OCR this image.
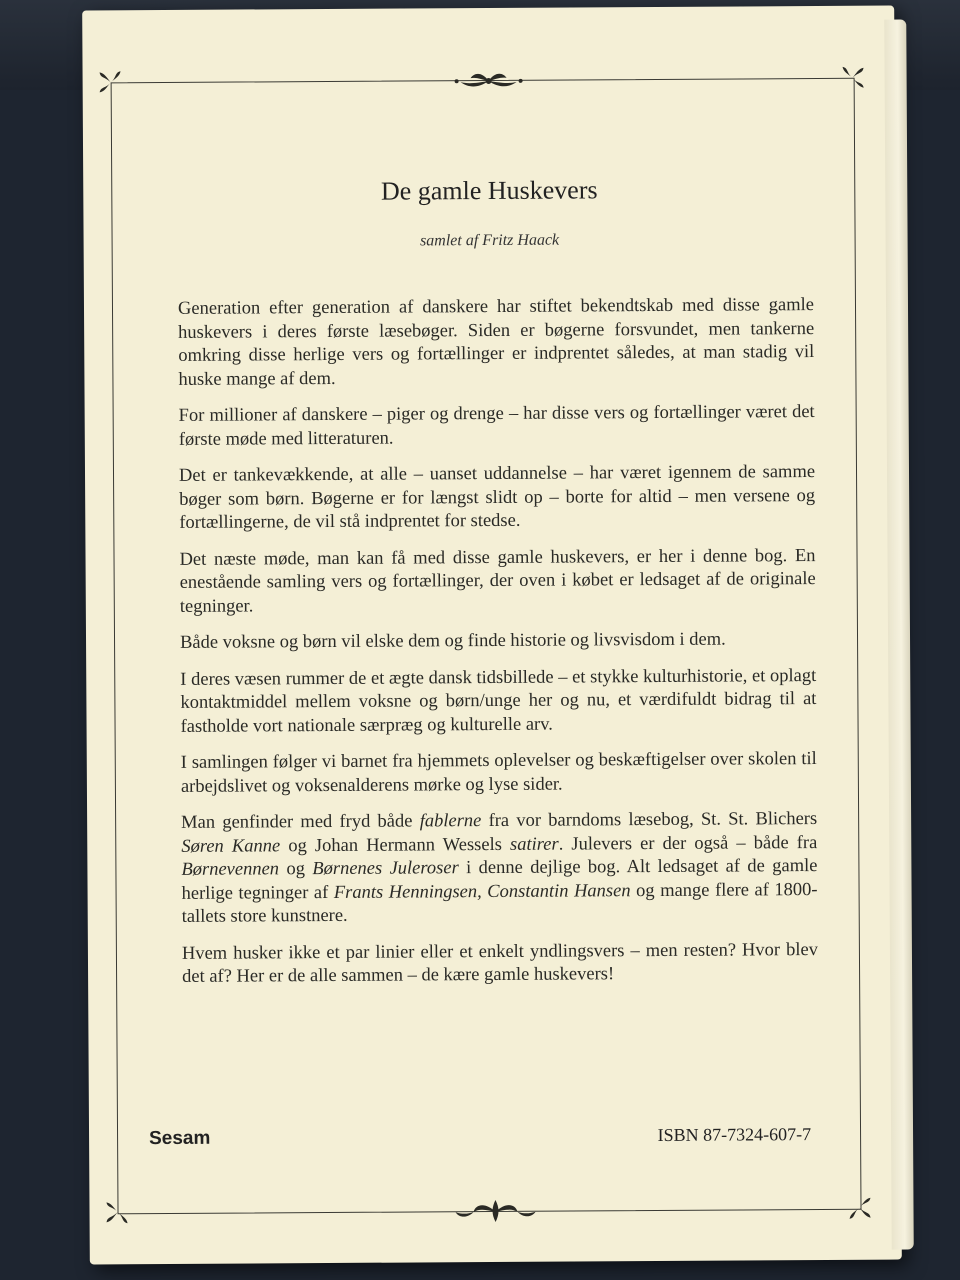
De gamle Huskevers
samlet af Fritz Haack

Generation efter generation af danskere har stiftet bekendtskab med disse gamle huskevers i deres første læsebøger. Siden er bøgerne forsvundet, men tankerne omkring disse herlige vers og fortællinger er indprentet således, at man stadig vil huske mange af dem.

For millioner af danskere – piger og drenge – har disse vers og fortællinger været det første møde med litteraturen.

Det er tankevækkende, at alle – uanset uddannelse – har været igennem de samme bøger som børn. Bøgerne er for længst slidt op – borte for altid – men versene og fortællingerne, de vil stå indprentet for stedse.

Det næste møde, man kan få med disse gamle huskevers, er her i denne bog. En enestående samling vers og fortællinger, der oven i købet er ledsaget af de originale tegninger.

Både voksne og børn vil elske dem og finde historie og livsvisdom i dem.

I deres væsen rummer de et ægte dansk tidsbillede – et stykke kulturhistorie, et oplagt kontaktmiddel mellem voksne og børn/unge her og nu, et værdifuldt bidrag til at fastholde vort nationale særpræg og kulturelle arv.

I samlingen følger vi barnet fra hjemmets oplevelser og beskæftigelser over skolen til arbejdslivet og voksenalderens mørke og lyse sider.

Man genfinder med fryd både fablerne fra vor barndoms læsebog, St. St. Blichers Søren Kanne og Johan Hermann Wessels satirer. Julevers er der også – både fra Børnevennen og Børnenes Juleroser i denne dejlige bog. Alt ledsaget af de gamle herlige tegninger af Frants Henningsen, Constantin Hansen og mange flere af 1800-tallets store kunstnere.

Hvem husker ikke et par linier eller et enkelt yndlingsvers – men resten? Hvor blev det af? Her er de alle sammen – de kære gamle huskevers!

Sesam	ISBN 87-7324-607-7
